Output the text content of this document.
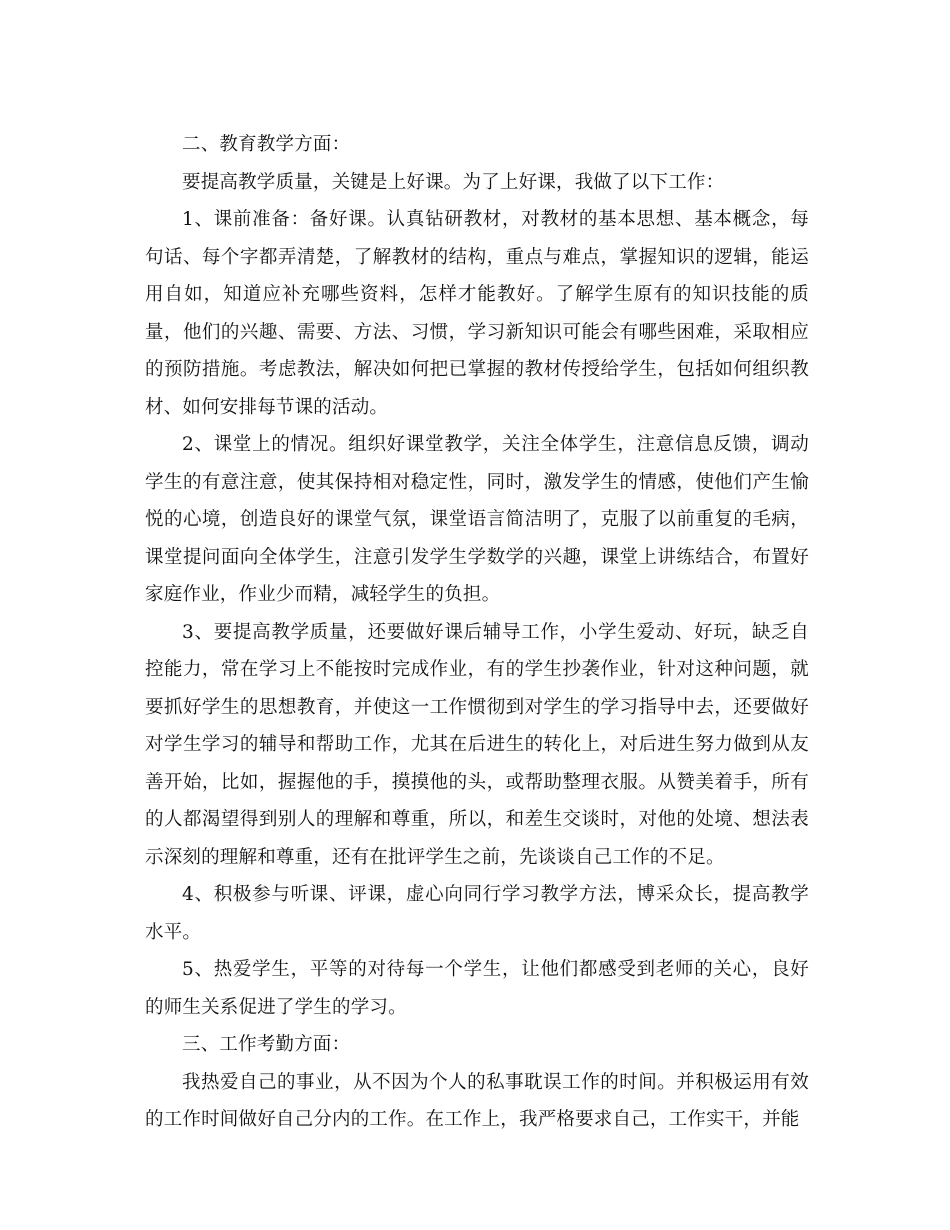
二、教育教学方面：

要提高教学质量，关键是上好课。为了上好课，我做了以下工作：

1、课前准备：备好课。认真钻研教材，对教材的基本思想、基本概念，每句话、每个字都弄清楚，了解教材的结构，重点与难点，掌握知识的逻辑，能运用自如，知道应补充哪些资料，怎样才能教好。了解学生原有的知识技能的质量，他们的兴趣、需要、方法、习惯，学习新知识可能会有哪些困难，采取相应的预防措施。考虑教法，解决如何把已掌握的教材传授给学生，包括如何组织教材、如何安排每节课的活动。

2、课堂上的情况。组织好课堂教学，关注全体学生，注意信息反馈，调动学生的有意注意，使其保持相对稳定性，同时，激发学生的情感，使他们产生愉悦的心境，创造良好的课堂气氛，课堂语言简洁明了，克服了以前重复的毛病，课堂提问面向全体学生，注意引发学生学数学的兴趣，课堂上讲练结合，布置好家庭作业，作业少而精，减轻学生的负担。

3、要提高教学质量，还要做好课后辅导工作，小学生爱动、好玩，缺乏自控能力，常在学习上不能按时完成作业，有的学生抄袭作业，针对这种问题，就要抓好学生的思想教育，并使这一工作惯彻到对学生的学习指导中去，还要做好对学生学习的辅导和帮助工作，尤其在后进生的转化上，对后进生努力做到从友善开始，比如，握握他的手，摸摸他的头，或帮助整理衣服。从赞美着手，所有的人都渴望得到别人的理解和尊重，所以，和差生交谈时，对他的处境、想法表示深刻的理解和尊重，还有在批评学生之前，先谈谈自己工作的不足。

4、积极参与听课、评课，虚心向同行学习教学方法，博采众长，提高教学水平。

5、热爱学生，平等的对待每一个学生，让他们都感受到老师的关心，良好的师生关系促进了学生的学习。

三、工作考勤方面：

我热爱自己的事业，从不因为个人的私事耽误工作的时间。并积极运用有效的工作时间做好自己分内的工作。在工作上，我严格要求自己，工作实干，并能
